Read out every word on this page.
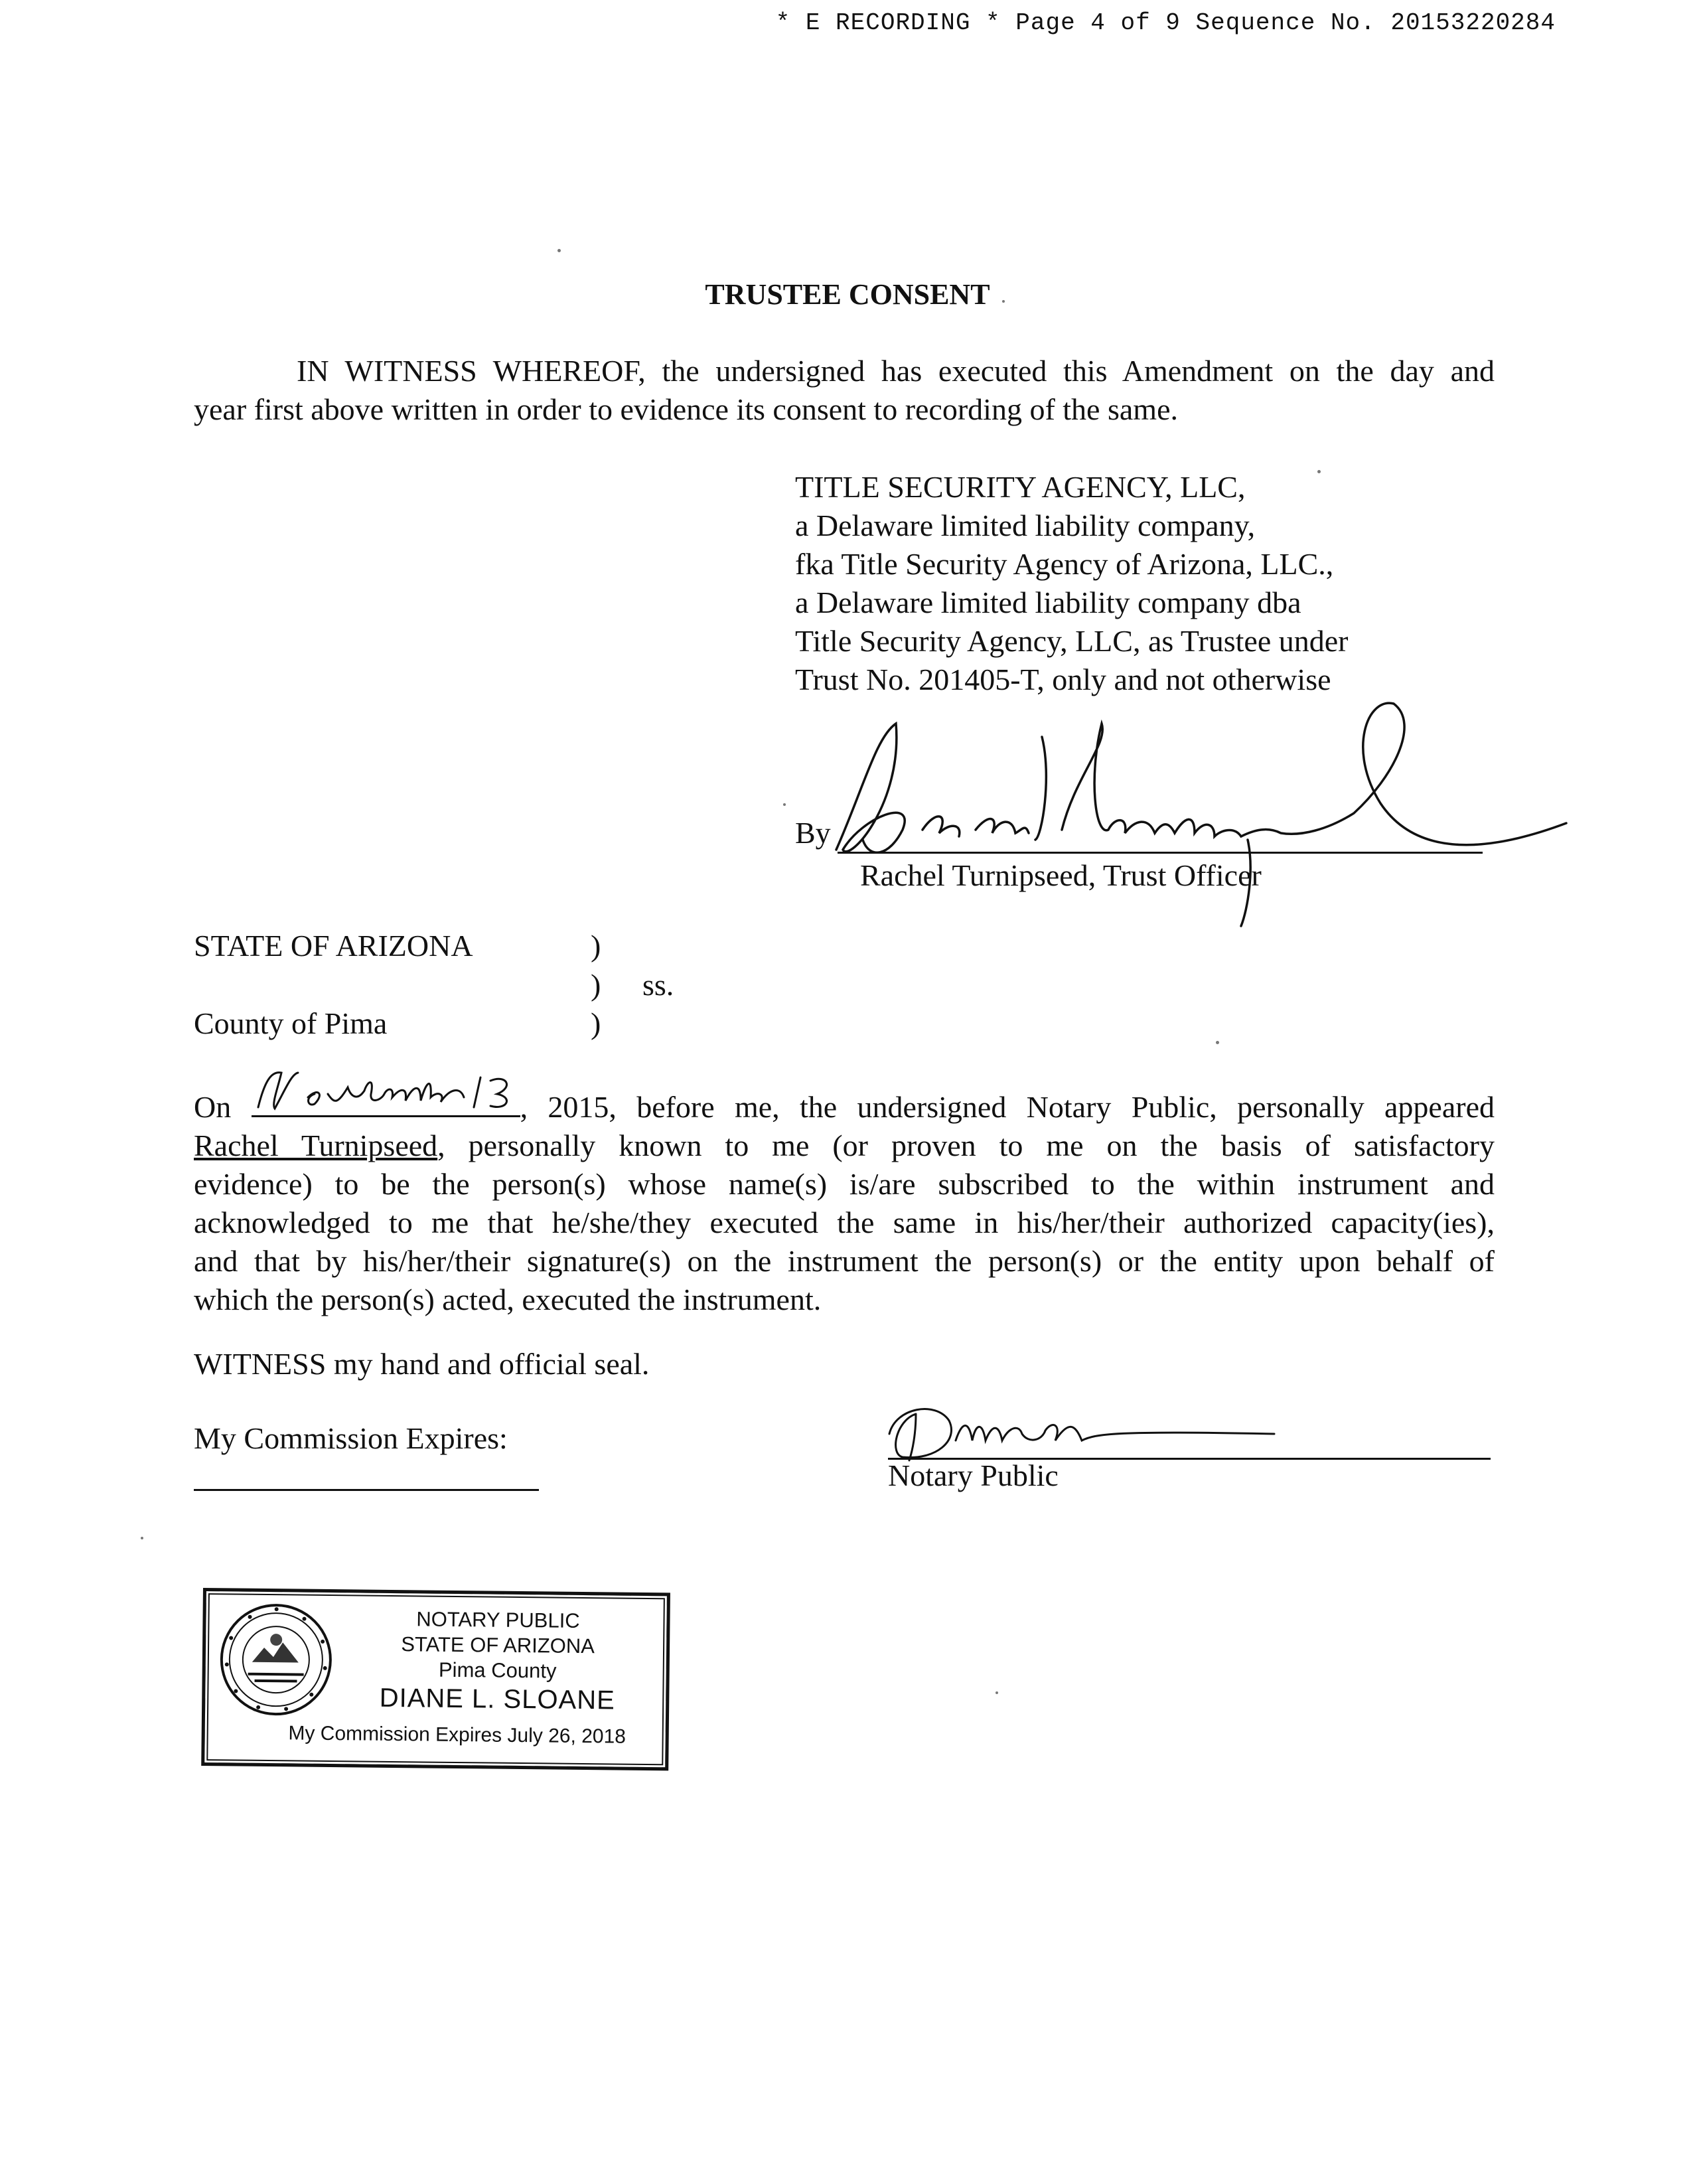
* E RECORDING * Page 4 of 9 Sequence No. 20153220284
TRUSTEE CONSENT
IN WITNESS WHEREOF, the undersigned has executed this Amendment on the day and
year first above written in order to evidence its consent to recording of the same.
TITLE SECURITY AGENCY, LLC,
a Delaware limited liability company,
fka Title Security Agency of Arizona, LLC.,
a Delaware limited liability company dba
Title Security Agency, LLC, as Trustee under
Trust No. 201405-T, only and not otherwise
By
Rachel Turnipseed, Trust Officer
STATE OF ARIZONA	)
)
)
ss.
County of Pima
On	, 2015, before me, the undersigned Notary Public, personally appeared
Rachel Turnipseed, personally known to me (or proven to me on the basis of satisfactory
evidence) to be the person(s) whose name(s) is/are subscribed to the within instrument and
acknowledged to me that he/she/they executed the same in his/her/their authorized capacity(ies),
and that by his/her/their signature(s) on the instrument the person(s) or the entity upon behalf of
which the person(s) acted, executed the instrument.
WITNESS my hand and official seal.
My Commission Expires:
Notary Public
NOTARY PUBLIC
STATE OF ARIZONA
Pima County
DIANE L. SLOANE
My Commission Expires July 26, 2018
